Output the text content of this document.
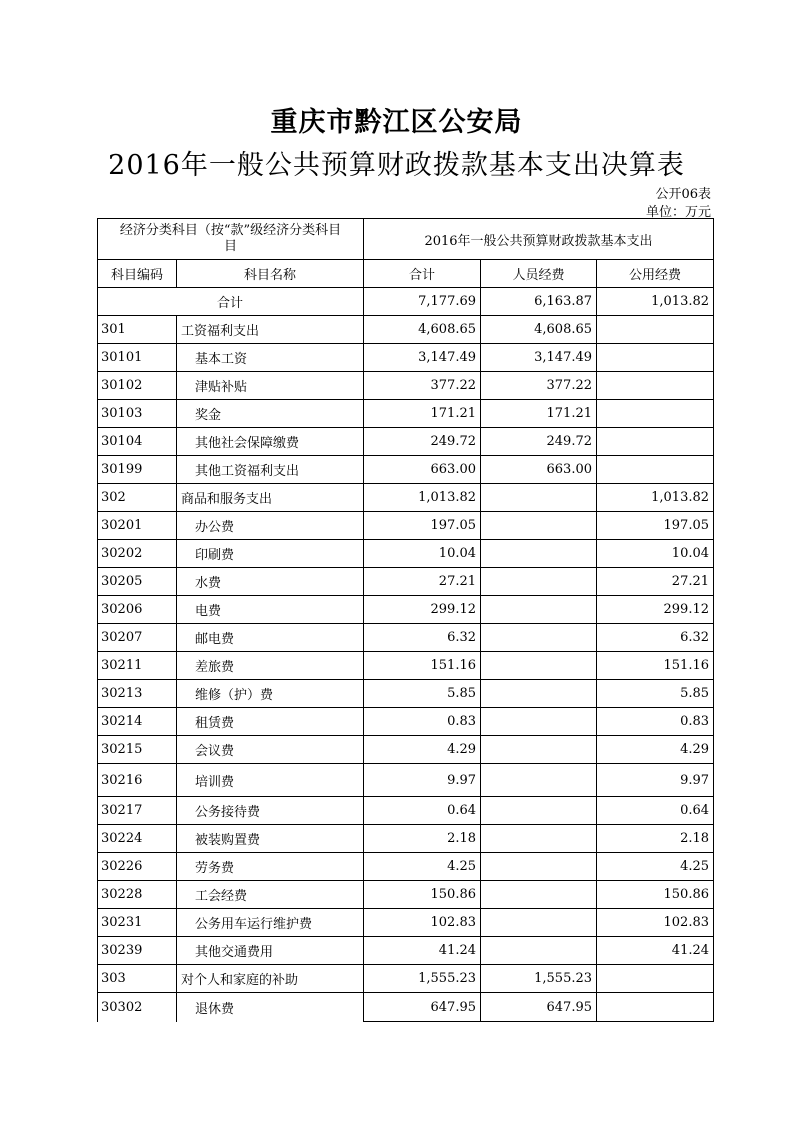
重庆市黔江区公安局
2016年一般公共预算财政拨款基本支出决算表
公开06表
单位：万元
经济分类科目（按“款”级经济分类科目
目		2016年一般公共预算财政拨款基本支出		
科目编码	科目名称	合计	人员经费	公用经费
合计		7,177.69	6,163.87	1,013.82
301	工资福利支出	4,608.65	4,608.65	
30101	基本工资	3,147.49	3,147.49	
30102	津贴补贴	377.22	377.22	
30103	奖金	171.21	171.21	
30104	其他社会保障缴费	249.72	249.72	
30199	其他工资福利支出	663.00	663.00	
302	商品和服务支出	1,013.82		1,013.82
30201	办公费	197.05		197.05
30202	印刷费	10.04		10.04
30205	水费	27.21		27.21
30206	电费	299.12		299.12
30207	邮电费	6.32		6.32
30211	差旅费	151.16		151.16
30213	维修（护）费	5.85		5.85
30214	租赁费	0.83		0.83
30215	会议费	4.29		4.29
30216	培训费	9.97		9.97
30217	公务接待费	0.64		0.64
30224	被装购置费	2.18		2.18
30226	劳务费	4.25		4.25
30228	工会经费	150.86		150.86
30231	公务用车运行维护费	102.83		102.83
30239	其他交通费用	41.24		41.24
303	对个人和家庭的补助	1,555.23	1,555.23	
30302	退休费	647.95	647.95	
